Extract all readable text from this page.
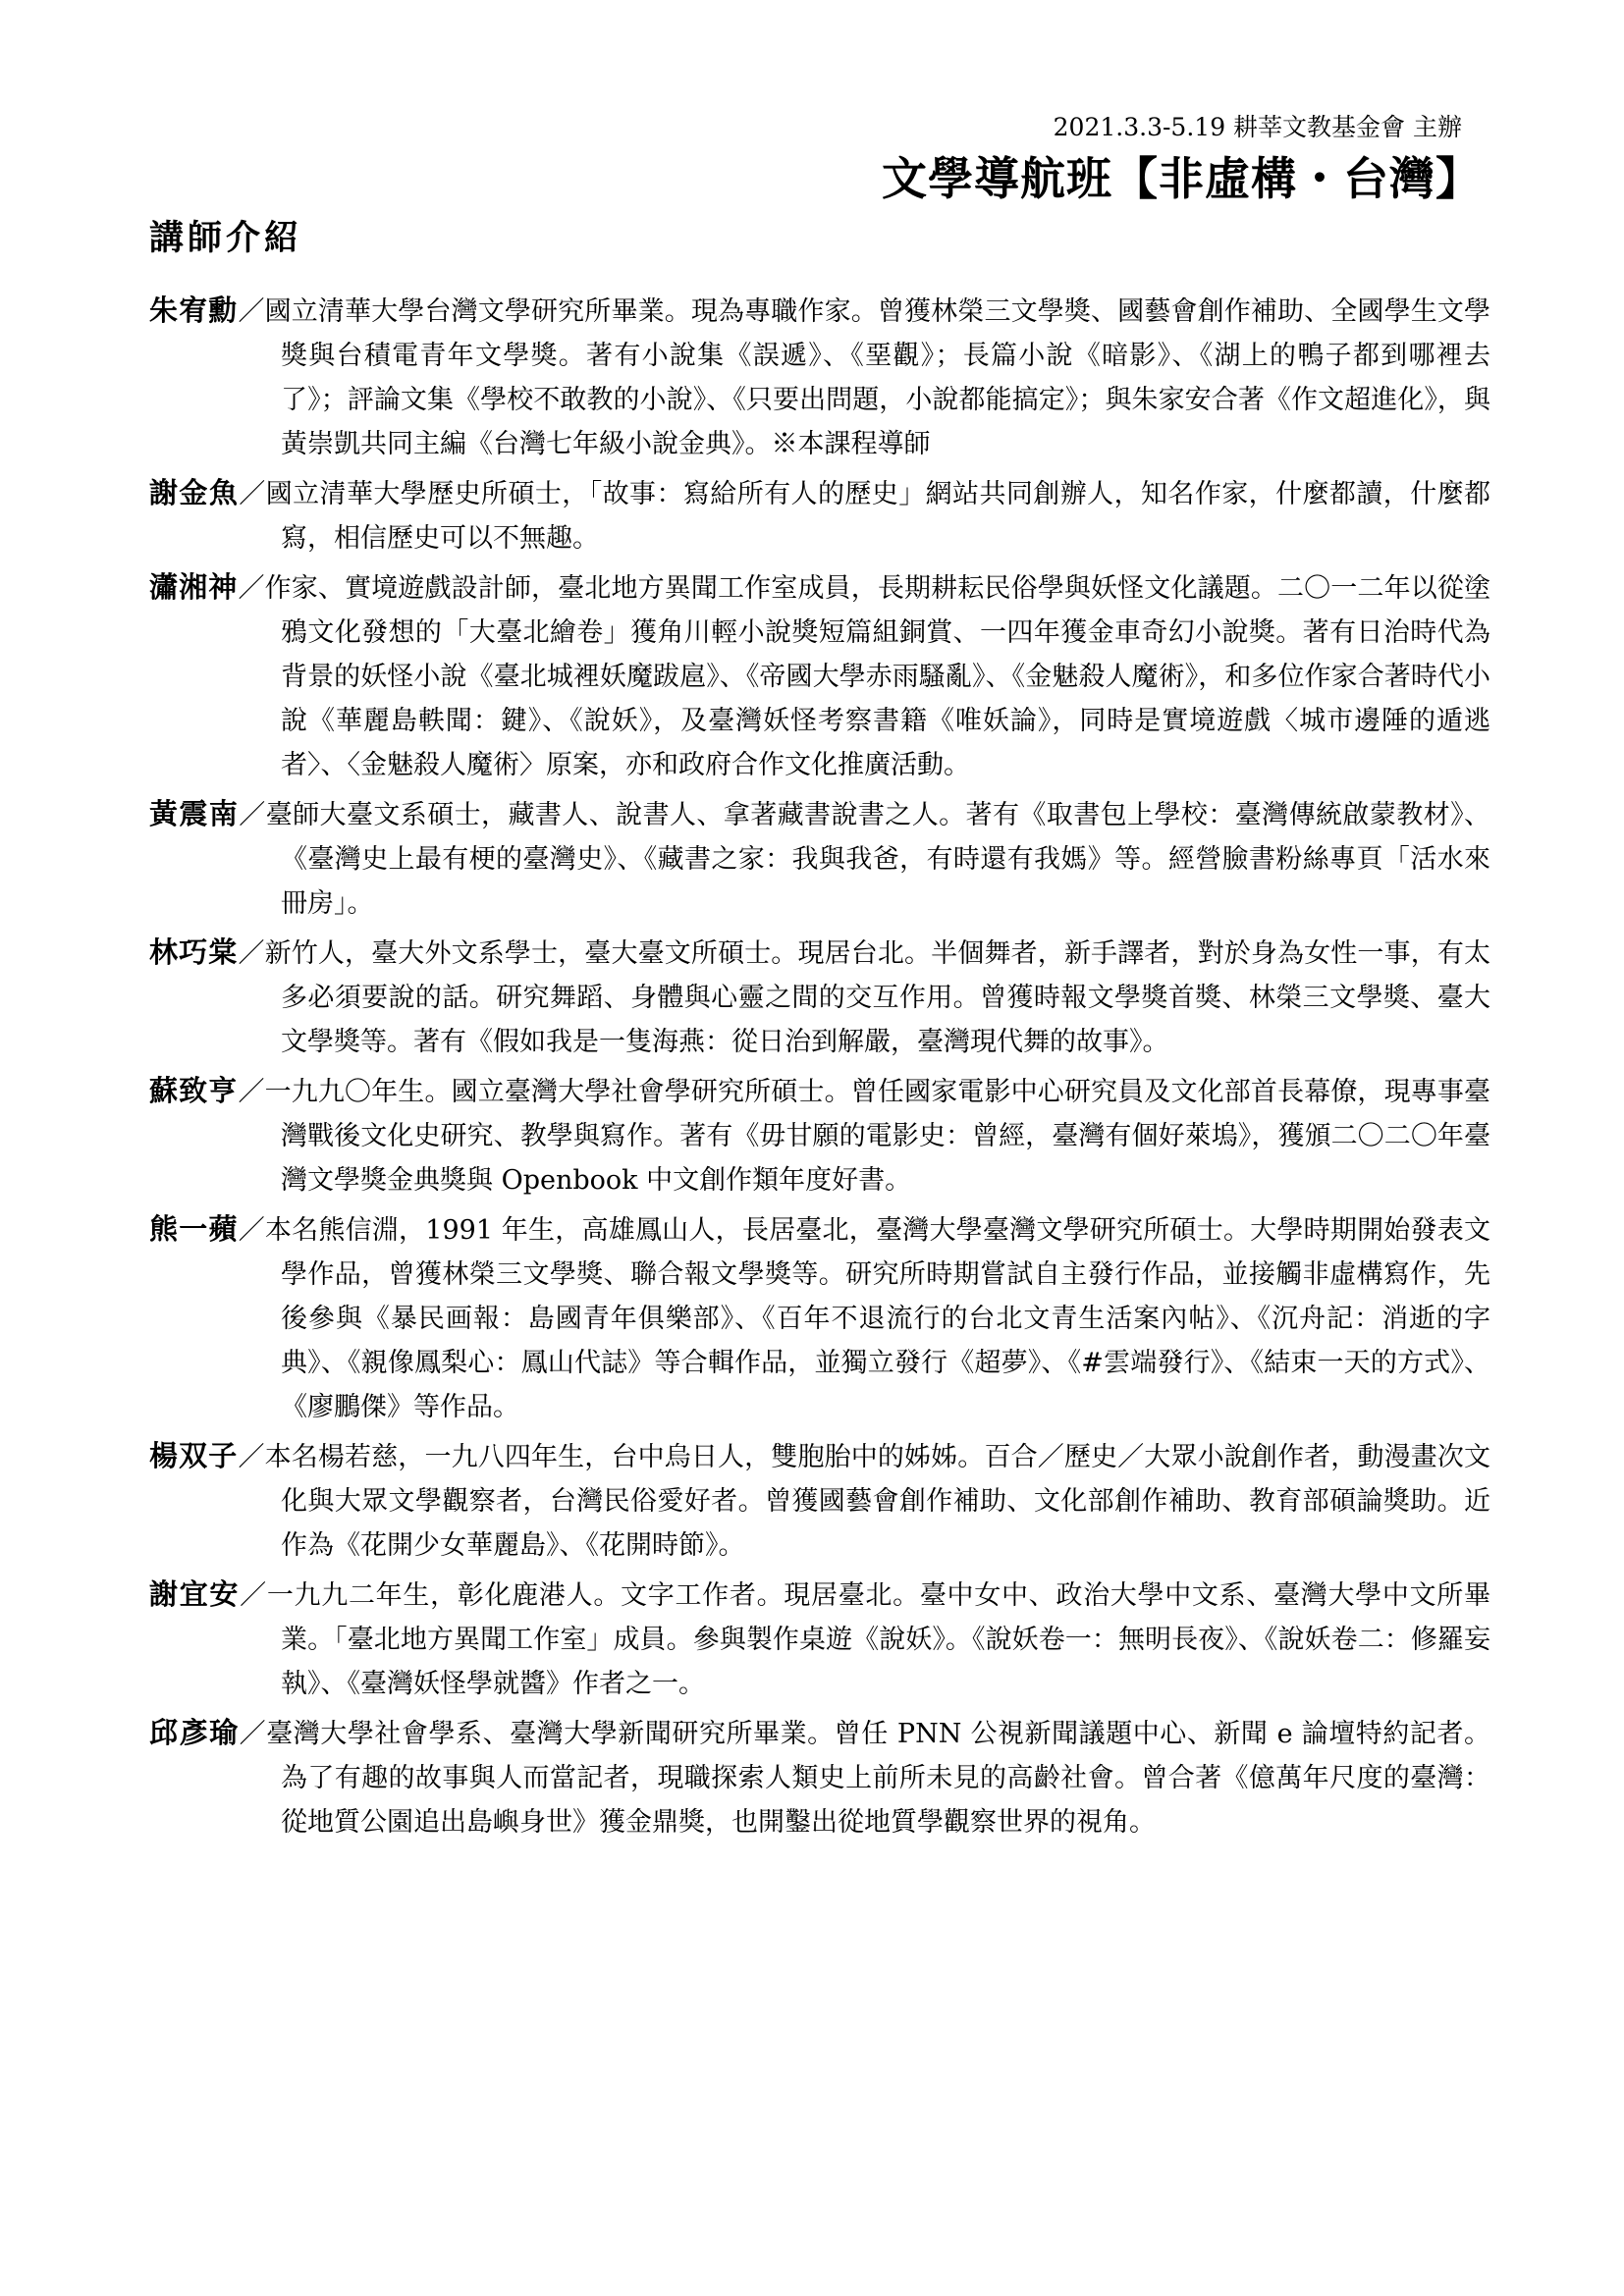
2021.3.3-5.19 耕莘文教基金會 主辦
文學導航班【非虛構・台灣】
講師介紹

朱宥勳／國立清華大學台灣文學研究所畢業。現為專職作家。曾獲林榮三文學獎、國藝會創作補助、全國學生文學獎與台積電青年文學獎。著有小說集《誤遞》、《堊觀》；長篇小說《暗影》、《湖上的鴨子都到哪裡去了》；評論文集《學校不敢教的小說》、《只要出問題，小說都能搞定》；與朱家安合著《作文超進化》，與黃崇凱共同主編《台灣七年級小說金典》。※本課程導師

謝金魚／國立清華大學歷史所碩士，「故事：寫給所有人的歷史」網站共同創辦人，知名作家，什麼都讀，什麼都寫，相信歷史可以不無趣。

瀟湘神／作家、實境遊戲設計師，臺北地方異聞工作室成員，長期耕耘民俗學與妖怪文化議題。二〇一二年以從塗鴉文化發想的「大臺北繪卷」獲角川輕小說獎短篇組銅賞、一四年獲金車奇幻小說獎。著有日治時代為背景的妖怪小說《臺北城裡妖魔跋扈》、《帝國大學赤雨騷亂》、《金魅殺人魔術》，和多位作家合著時代小說《華麗島軼聞：鍵》、《說妖》，及臺灣妖怪考察書籍《唯妖論》，同時是實境遊戲〈城市邊陲的遁逃者〉、〈金魅殺人魔術〉原案，亦和政府合作文化推廣活動。

黃震南／臺師大臺文系碩士，藏書人、說書人、拿著藏書說書之人。著有《取書包上學校：臺灣傳統啟蒙教材》、《臺灣史上最有梗的臺灣史》、《藏書之家：我與我爸，有時還有我媽》等。經營臉書粉絲專頁「活水來冊房」。

林巧棠／新竹人，臺大外文系學士，臺大臺文所碩士。現居台北。半個舞者，新手譯者，對於身為女性一事，有太多必須要說的話。研究舞蹈、身體與心靈之間的交互作用。曾獲時報文學獎首獎、林榮三文學獎、臺大文學獎等。著有《假如我是一隻海燕：從日治到解嚴，臺灣現代舞的故事》。

蘇致亨／一九九〇年生。國立臺灣大學社會學研究所碩士。曾任國家電影中心研究員及文化部首長幕僚，現專事臺灣戰後文化史研究、教學與寫作。著有《毋甘願的電影史：曾經，臺灣有個好萊塢》，獲頒二〇二〇年臺灣文學獎金典獎與 Openbook 中文創作類年度好書。

熊一蘋／本名熊信淵，1991 年生，高雄鳳山人，長居臺北，臺灣大學臺灣文學研究所碩士。大學時期開始發表文學作品，曾獲林榮三文學獎、聯合報文學獎等。研究所時期嘗試自主發行作品，並接觸非虛構寫作，先後參與《暴民画報：島國青年俱樂部》、《百年不退流行的台北文青生活案內帖》、《沉舟記：消逝的字典》、《親像鳳梨心：鳳山代誌》等合輯作品，並獨立發行《超夢》、《#雲端發行》、《結束一天的方式》、《廖鵬傑》等作品。

楊双子／本名楊若慈，一九八四年生，台中烏日人，雙胞胎中的姊姊。百合／歷史／大眾小說創作者，動漫畫次文化與大眾文學觀察者，台灣民俗愛好者。曾獲國藝會創作補助、文化部創作補助、教育部碩論獎助。近作為《花開少女華麗島》、《花開時節》。

謝宜安／一九九二年生，彰化鹿港人。文字工作者。現居臺北。臺中女中、政治大學中文系、臺灣大學中文所畢業。「臺北地方異聞工作室」成員。參與製作桌遊《說妖》。《說妖卷一：無明長夜》、《說妖卷二：修羅妄執》、《臺灣妖怪學就醬》作者之一。

邱彥瑜／臺灣大學社會學系、臺灣大學新聞研究所畢業。曾任 PNN 公視新聞議題中心、新聞 e 論壇特約記者。為了有趣的故事與人而當記者，現職探索人類史上前所未見的高齡社會。曾合著《億萬年尺度的臺灣：從地質公園追出島嶼身世》獲金鼎獎，也開鑿出從地質學觀察世界的視角。
